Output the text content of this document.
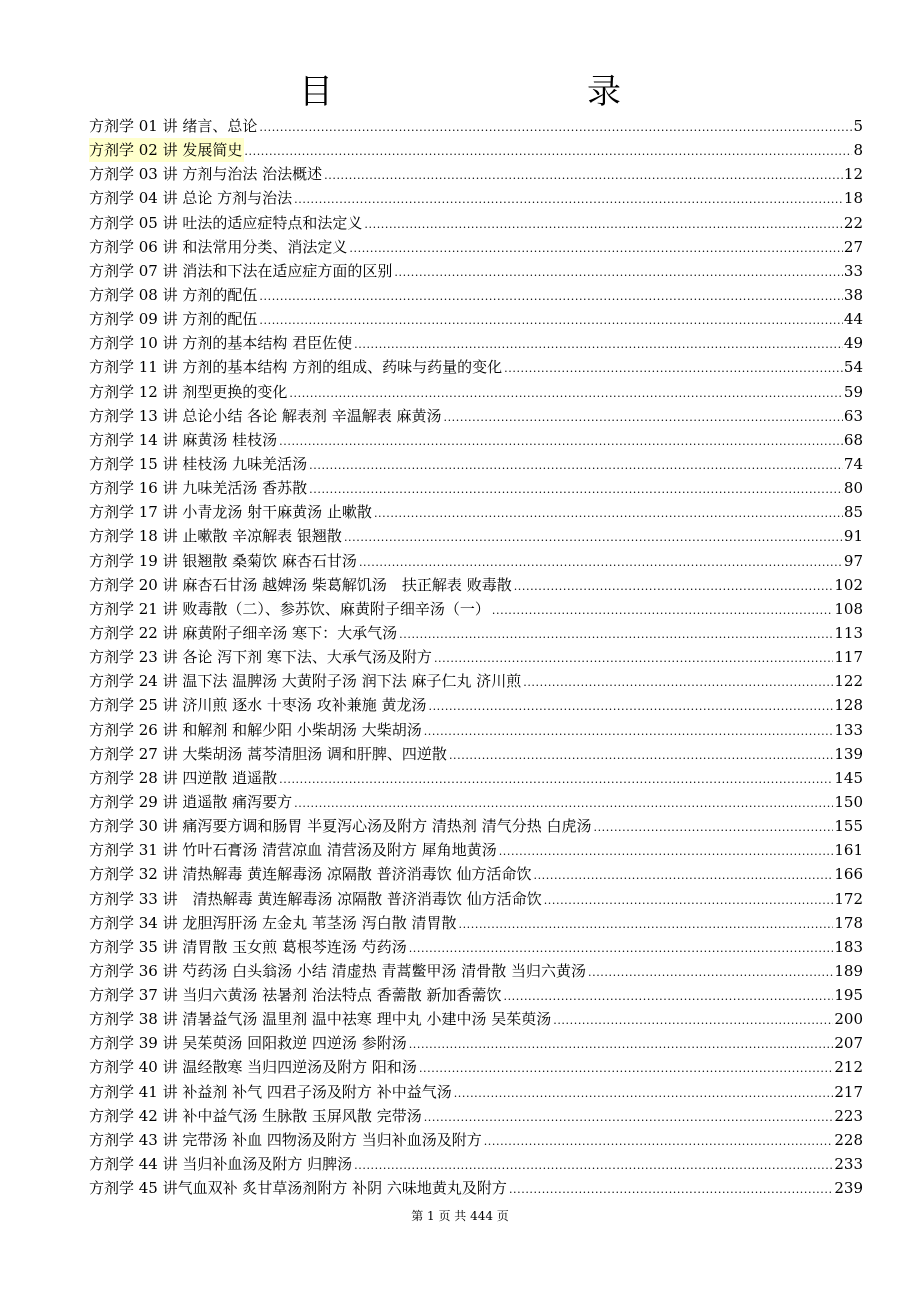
目　　录
方剂学 01 讲 绪言、总论 .....	5
方剂学 02 讲 发展简史 .....	8
方剂学 03 讲 方剂与治法 治法概述 .....	12
方剂学 04 讲 总论 方剂与治法 .....	18
方剂学 05 讲 吐法的适应症特点和法定义 .....	22
方剂学 06 讲 和法常用分类、消法定义 .....	27
方剂学 07 讲 消法和下法在适应症方面的区别 .....	33
方剂学 08 讲 方剂的配伍 .....	38
方剂学 09 讲 方剂的配伍 .....	44
方剂学 10 讲 方剂的基本结构 君臣佐使 .....	49
方剂学 11 讲 方剂的基本结构 方剂的组成、药味与药量的变化 .....	54
方剂学 12 讲 剂型更换的变化 .....	59
方剂学 13 讲 总论小结 各论 解表剂 辛温解表 麻黄汤 .....	63
方剂学 14 讲 麻黄汤 桂枝汤 .....	68
方剂学 15 讲 桂枝汤 九味羌活汤 .....	74
方剂学 16 讲 九味羌活汤 香苏散 .....	80
方剂学 17 讲 小青龙汤 射干麻黄汤 止嗽散 .....	85
方剂学 18 讲 止嗽散 辛凉解表 银翘散 .....	91
方剂学 19 讲 银翘散 桑菊饮 麻杏石甘汤 .....	97
方剂学 20 讲 麻杏石甘汤 越婢汤 柴葛解饥汤　扶正解表 败毒散 .....	102
方剂学 21 讲 败毒散（二）、参苏饮、麻黄附子细辛汤（一） .....	108
方剂学 22 讲 麻黄附子细辛汤 寒下：大承气汤 .....	113
方剂学 23 讲 各论 泻下剂 寒下法、大承气汤及附方 .....	117
方剂学 24 讲 温下法 温脾汤 大黄附子汤 润下法 麻子仁丸 济川煎 .....	122
方剂学 25 讲 济川煎 逐水 十枣汤 攻补兼施 黄龙汤 .....	128
方剂学 26 讲 和解剂 和解少阳 小柴胡汤 大柴胡汤 .....	133
方剂学 27 讲 大柴胡汤 蒿芩清胆汤 调和肝脾、四逆散 .....	139
方剂学 28 讲 四逆散 逍遥散 .....	145
方剂学 29 讲 逍遥散 痛泻要方 .....	150
方剂学 30 讲 痛泻要方调和肠胃 半夏泻心汤及附方 清热剂 清气分热 白虎汤 .....	155
方剂学 31 讲 竹叶石膏汤 清营凉血 清营汤及附方 犀角地黄汤 .....	161
方剂学 32 讲 清热解毒 黄连解毒汤 凉隔散 普济消毒饮 仙方活命饮 .....	166
方剂学 33 讲　清热解毒 黄连解毒汤 凉隔散 普济消毒饮 仙方活命饮 .....	172
方剂学 34 讲 龙胆泻肝汤 左金丸 苇茎汤 泻白散 清胃散 .....	178
方剂学 35 讲 清胃散 玉女煎 葛根芩连汤 芍药汤 .....	183
方剂学 36 讲 芍药汤 白头翁汤 小结 清虚热 青蒿鳖甲汤 清骨散 当归六黄汤 .....	189
方剂学 37 讲 当归六黄汤 祛暑剂 治法特点 香薷散 新加香薷饮 .....	195
方剂学 38 讲 清暑益气汤 温里剂 温中祛寒 理中丸 小建中汤 吴茱萸汤 .....	200
方剂学 39 讲 吴茱萸汤 回阳救逆 四逆汤 参附汤 .....	207
方剂学 40 讲 温经散寒 当归四逆汤及附方 阳和汤 .....	212
方剂学 41 讲 补益剂 补气 四君子汤及附方 补中益气汤 .....	217
方剂学 42 讲 补中益气汤 生脉散 玉屏风散 完带汤 .....	223
方剂学 43 讲 完带汤 补血 四物汤及附方 当归补血汤及附方 .....	228
方剂学 44 讲 当归补血汤及附方 归脾汤 .....	233
方剂学 45 讲气血双补 炙甘草汤剂附方 补阴 六味地黄丸及附方 .....	239
第 1 页 共 444 页
